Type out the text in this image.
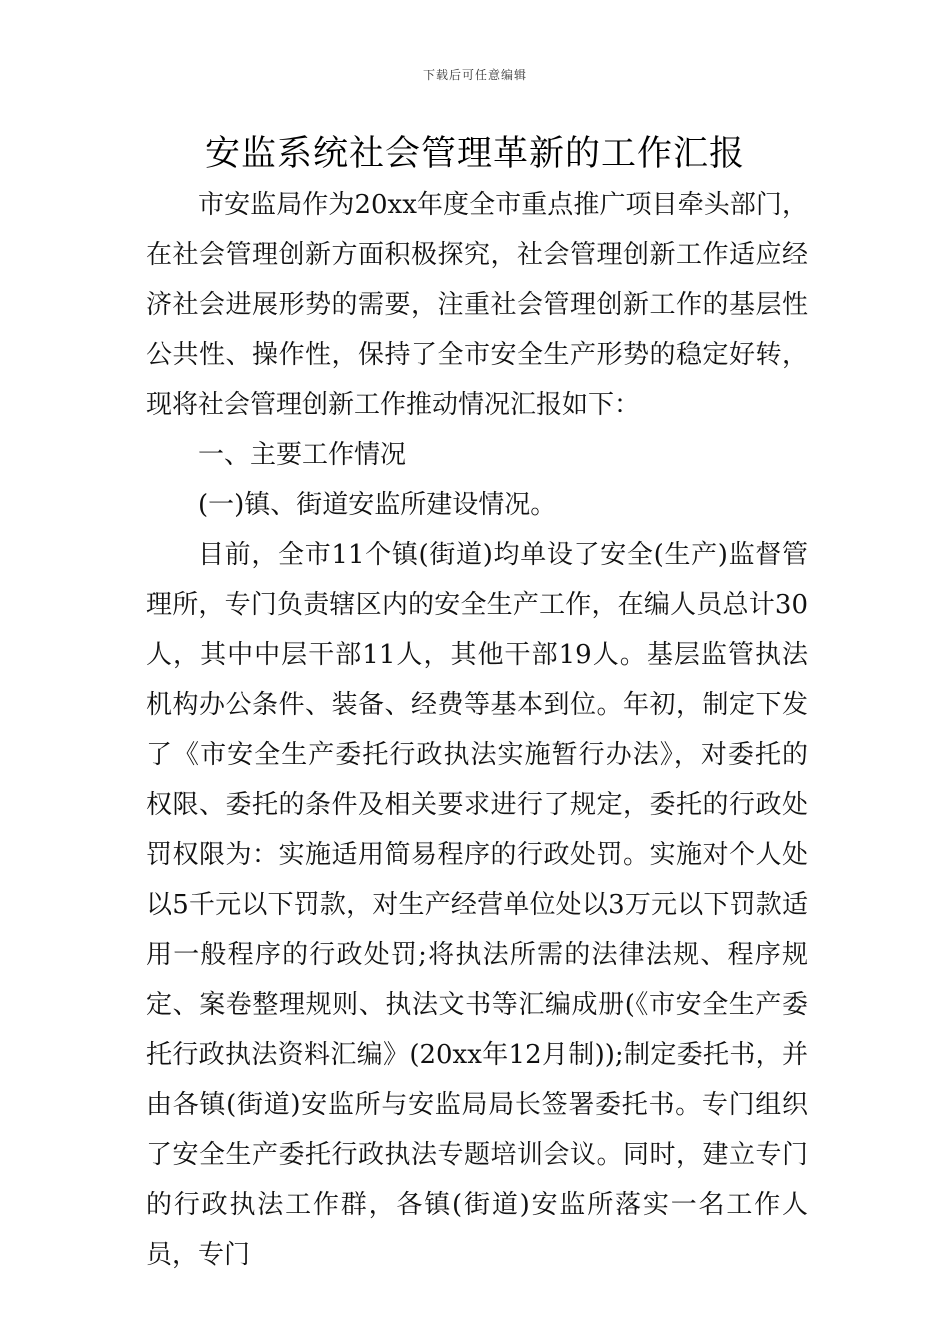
下载后可任意编辑
安监系统社会管理革新的工作汇报

市安监局作为20xx年度全市重点推广项目牵头部门，在社会管理创新方面积极探究，社会管理创新工作适应经济社会进展形势的需要，注重社会管理创新工作的基层性公共性、操作性，保持了全市安全生产形势的稳定好转，现将社会管理创新工作推动情况汇报如下：

一、主要工作情况

(一)镇、街道安监所建设情况。

目前，全市11个镇(街道)均单设了安全(生产)监督管理所，专门负责辖区内的安全生产工作，在编人员总计30人，其中中层干部11人，其他干部19人。基层监管执法机构办公条件、装备、经费等基本到位。年初，制定下发了《市安全生产委托行政执法实施暂行办法》，对委托的权限、委托的条件及相关要求进行了规定，委托的行政处罚权限为：实施适用简易程序的行政处罚。实施对个人处以5千元以下罚款，对生产经营单位处以3万元以下罚款适用一般程序的行政处罚;将执法所需的法律法规、程序规定、案卷整理规则、执法文书等汇编成册(《市安全生产委托行政执法资料汇编》(20xx年12月制));制定委托书，并由各镇(街道)安监所与安监局局长签署委托书。专门组织了安全生产委托行政执法专题培训会议。同时，建立专门的行政执法工作群，各镇(街道)安监所落实一名工作人员，专门
